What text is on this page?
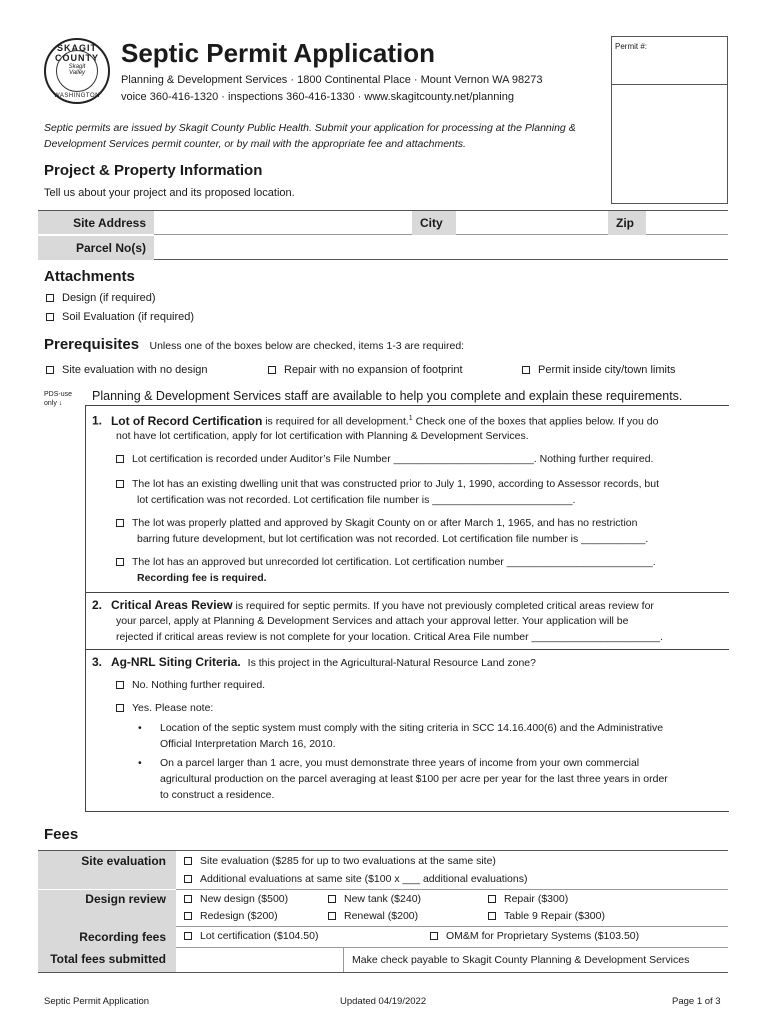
SKAGIT COUNTY
Skagit Valley
WASHINGTON
Septic Permit Application
Planning & Development Services · 1800 Continental Place · Mount Vernon WA 98273
voice 360-416-1320 · inspections 360-416-1330 · www.skagitcounty.net/planning
Permit #:
Septic permits are issued by Skagit County Public Health. Submit your application for processing at the Planning & Development Services permit counter, or by mail with the appropriate fee and attachments.
Project & Property Information
Tell us about your project and its proposed location.
Site Address	City	Zip
Parcel No(s)
Attachments
Design (if required)
Soil Evaluation (if required)
Prerequisites Unless one of the boxes below are checked, items 1-3 are required:
Site evaluation with no design	Repair with no expansion of footprint	Permit inside city/town limits
PDS-use only ↓
Planning & Development Services staff are available to help you complete and explain these requirements.
1. Lot of Record Certification is required for all development.$^1$ Check one of the boxes that applies below. If you do
not have lot certification, apply for lot certification with Planning & Development Services.
Lot certification is recorded under Auditor’s File Number ________________________. Nothing further required.
The lot has an existing dwelling unit that was constructed prior to July 1, 1990, according to Assessor records, but
lot certification was not recorded. Lot certification file number is ________________________.
The lot was properly platted and approved by Skagit County on or after March 1, 1965, and has no restriction
barring future development, but lot certification was not recorded. Lot certification file number is ___________.
The lot has an approved but unrecorded lot certification. Lot certification number _________________________.
Recording fee is required.
2. Critical Areas Review is required for septic permits. If you have not previously completed critical areas review for
your parcel, apply at Planning & Development Services and attach your approval letter. Your application will be
rejected if critical areas review is not complete for your location. Critical Area File number ______________________.
3. Ag-NRL Siting Criteria. Is this project in the Agricultural-Natural Resource Land zone?
No. Nothing further required.
Yes. Please note:
• Location of the septic system must comply with the siting criteria in SCC 14.16.400(6) and the Administrative
Official Interpretation March 16, 2010.
• On a parcel larger than 1 acre, you must demonstrate three years of income from your own commercial
agricultural production on the parcel averaging at least $100 per acre per year for the last three years in order
to construct a residence.
Fees
Site evaluation	Site evaluation ($285 for up to two evaluations at the same site)
Additional evaluations at same site ($100 x ___ additional evaluations)
Design review	New design ($500)	New tank ($240)	Repair ($300)
Redesign ($200)	Renewal ($200)	Table 9 Repair ($300)
Recording fees	Lot certification ($104.50)	OM&M for Proprietary Systems ($103.50)
Total fees submitted	Make check payable to Skagit County Planning & Development Services
Septic Permit Application	Updated 04/19/2022	Page 1 of 3
